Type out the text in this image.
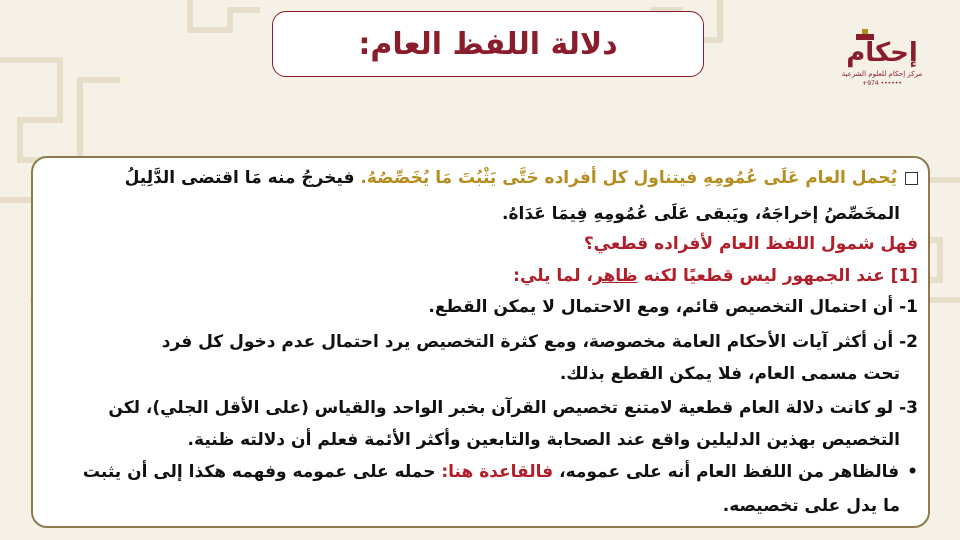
دلالة اللفظ العام:	إحكام
مركز إحكام للعلوم الشرعية
+974 ••••••
يُحمل العام عَلَى عُمُومِهِ فيتناول كل أفراده حَتَّى يَثْبُتَ مَا يُخَصِّصُهُ. فيخرجُ منه مَا اقتضى الدَّلِيلُ
المخَصِّصُ إخراجَهُ، ويَبقى عَلَى عُمُومِهِ فِيمَا عَدَاهُ.
فهل شمول اللفظ العام لأفراده قطعي؟
[1] عند الجمهور ليس قطعيًا لكنه ظاهر، لما يلي:
1- أن احتمال التخصيص قائم، ومع الاحتمال لا يمكن القطع.
2- أن أكثر آيات الأحكام العامة مخصوصة، ومع كثرة التخصيص يرد احتمال عدم دخول كل فرد
تحت مسمى العام، فلا يمكن القطع بذلك.
3- لو كانت دلالة العام قطعية لامتنع تخصيص القرآن بخبر الواحد والقياس (على الأقل الجلي)، لكن
التخصيص بهذين الدليلين واقع عند الصحابة والتابعين وأكثر الأئمة فعلم أن دلالته ظنية.
•فالظاهر من اللفظ العام أنه على عمومه، فالقاعدة هنا: حمله على عمومه وفهمه هكذا إلى أن يثبت
ما يدل على تخصيصه.
